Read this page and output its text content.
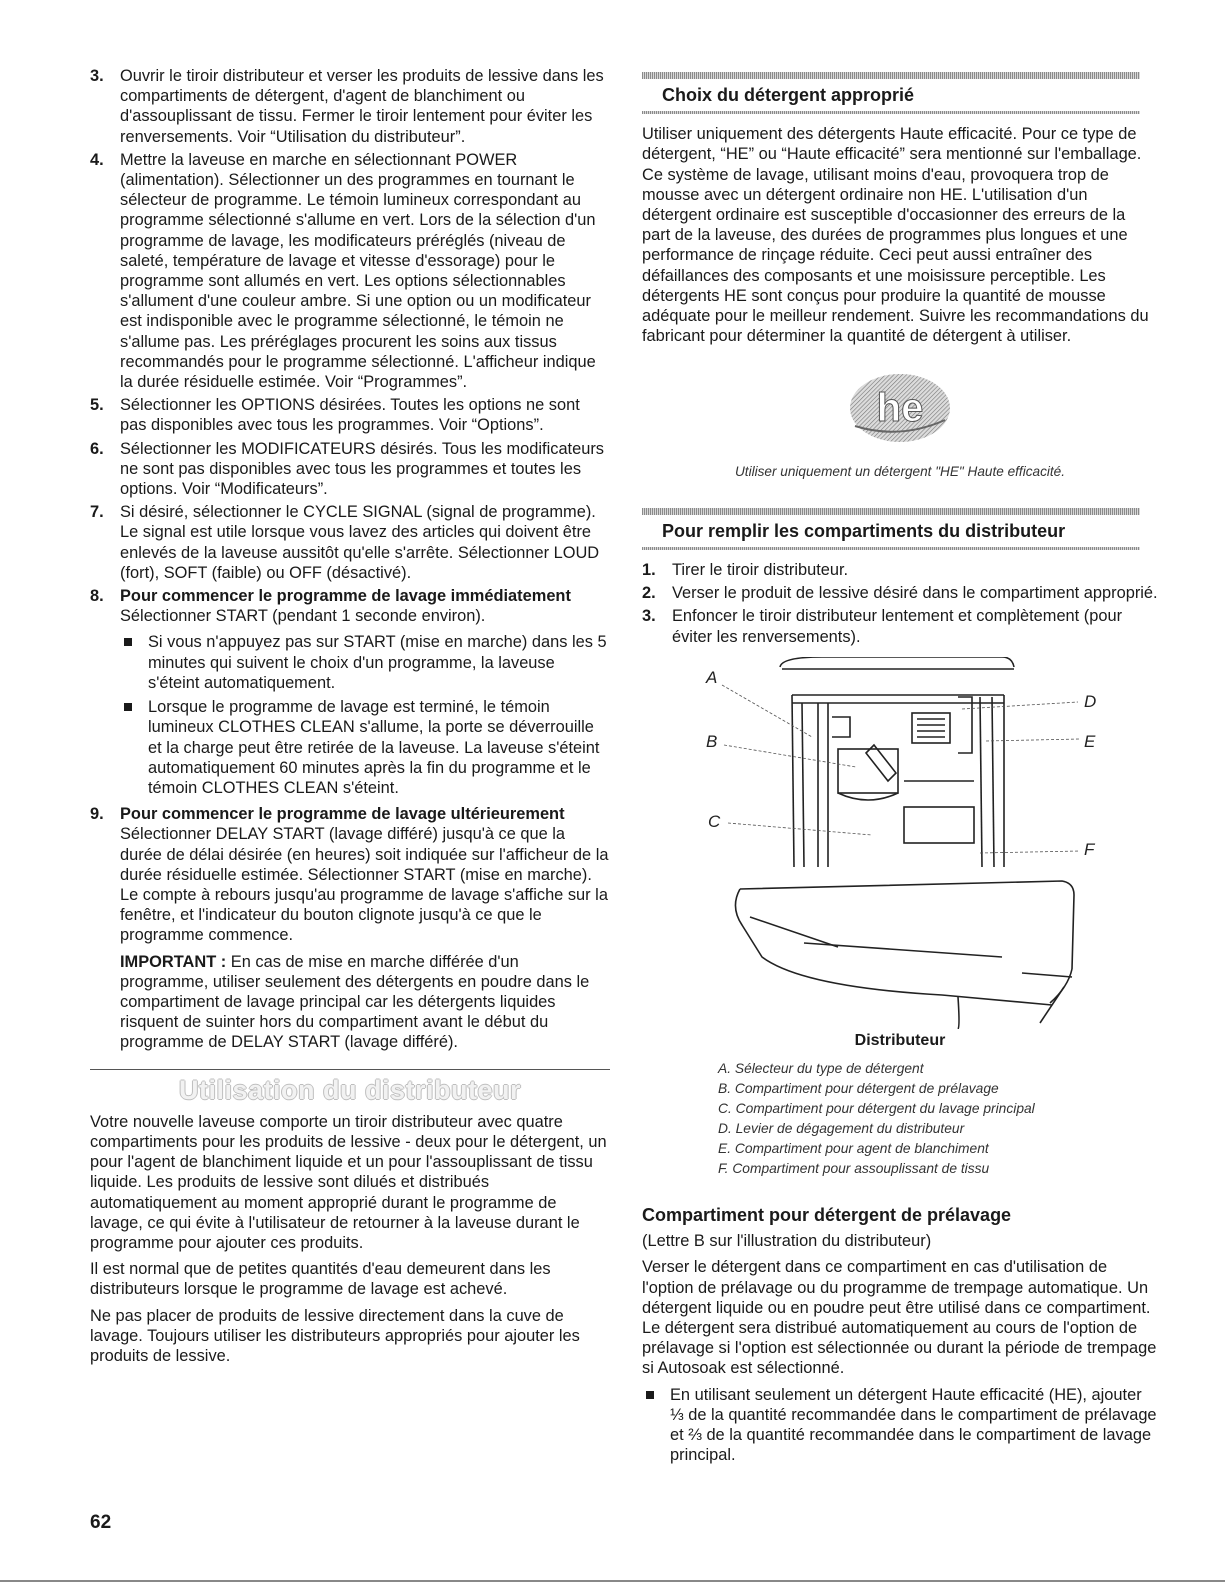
3. Ouvrir le tiroir distributeur et verser les produits de lessive dans les compartiments de détergent, d'agent de blanchiment ou d'assouplissant de tissu. Fermer le tiroir lentement pour éviter les renversements. Voir “Utilisation du distributeur”.
4. Mettre la laveuse en marche en sélectionnant POWER (alimentation). Sélectionner un des programmes en tournant le sélecteur de programme. Le témoin lumineux correspondant au programme sélectionné s'allume en vert. Lors de la sélection d'un programme de lavage, les modificateurs préréglés (niveau de saleté, température de lavage et vitesse d'essorage) pour le programme sont allumés en vert. Les options sélectionnables s'allument d'une couleur ambre. Si une option ou un modificateur est indisponible avec le programme sélectionné, le témoin ne s'allume pas. Les préréglages procurent les soins aux tissus recommandés pour le programme sélectionné. L'afficheur indique la durée résiduelle estimée. Voir “Programmes”.
5. Sélectionner les OPTIONS désirées. Toutes les options ne sont pas disponibles avec tous les programmes. Voir “Options”.
6. Sélectionner les MODIFICATEURS désirés. Tous les modificateurs ne sont pas disponibles avec tous les programmes et toutes les options. Voir “Modificateurs”.
7. Si désiré, sélectionner le CYCLE SIGNAL (signal de programme). Le signal est utile lorsque vous lavez des articles qui doivent être enlevés de la laveuse aussitôt qu'elle s'arrête. Sélectionner LOUD (fort), SOFT (faible) ou OFF (désactivé).
8. Pour commencer le programme de lavage immédiatement
Sélectionner START (pendant 1 seconde environ).
Si vous n'appuyez pas sur START (mise en marche) dans les 5 minutes qui suivent le choix d'un programme, la laveuse s'éteint automatiquement.
Lorsque le programme de lavage est terminé, le témoin lumineux CLOTHES CLEAN s'allume, la porte se déverrouille et la charge peut être retirée de la laveuse. La laveuse s'éteint automatiquement 60 minutes après la fin du programme et le témoin CLOTHES CLEAN s'éteint.
9. Pour commencer le programme de lavage ultérieurement
Sélectionner DELAY START (lavage différé) jusqu'à ce que la durée de délai désirée (en heures) soit indiquée sur l'afficheur de la durée résiduelle estimée. Sélectionner START (mise en marche). Le compte à rebours jusqu'au programme de lavage s'affiche sur la fenêtre, et l'indicateur du bouton clignote jusqu'à ce que le programme commence.
IMPORTANT : En cas de mise en marche différée d'un programme, utiliser seulement des détergents en poudre dans le compartiment de lavage principal car les détergents liquides risquent de suinter hors du compartiment avant le début du programme de DELAY START (lavage différé).
Utilisation du distributeur

Votre nouvelle laveuse comporte un tiroir distributeur avec quatre compartiments pour les produits de lessive - deux pour le détergent, un pour l'agent de blanchiment liquide et un pour l'assouplissant de tissu liquide. Les produits de lessive sont dilués et distribués automatiquement au moment approprié durant le programme de lavage, ce qui évite à l'utilisateur de retourner à la laveuse durant le programme pour ajouter ces produits.

Il est normal que de petites quantités d'eau demeurent dans les distributeurs lorsque le programme de lavage est achevé.

Ne pas placer de produits de lessive directement dans la cuve de lavage. Toujours utiliser les distributeurs appropriés pour ajouter les produits de lessive.

Choix du détergent approprié

Utiliser uniquement des détergents Haute efficacité. Pour ce type de détergent, “HE” ou “Haute efficacité” sera mentionné sur l'emballage. Ce système de lavage, utilisant moins d'eau, provoquera trop de mousse avec un détergent ordinaire non HE. L'utilisation d'un détergent ordinaire est susceptible d'occasionner des erreurs de la part de la laveuse, des durées de programmes plus longues et une performance de rinçage réduite. Ceci peut aussi entraîner des défaillances des composants et une moisissure perceptible. Les détergents HE sont conçus pour produire la quantité de mousse adéquate pour le meilleur rendement. Suivre les recommandations du fabricant pour déterminer la quantité de détergent à utiliser.

he
Utiliser uniquement un détergent "HE" Haute efficacité.
Pour remplir les compartiments du distributeur
1. Tirer le tiroir distributeur.
2. Verser le produit de lessive désiré dans le compartiment approprié.
3. Enfoncer le tiroir distributeur lentement et complètement (pour éviter les renversements).
A
B
C
D
E
F
Distributeur
A. Sélecteur du type de détergent
B. Compartiment pour détergent de prélavage
C. Compartiment pour détergent du lavage principal
D. Levier de dégagement du distributeur
E. Compartiment pour agent de blanchiment
F. Compartiment pour assouplissant de tissu
Compartiment pour détergent de prélavage
(Lettre B sur l'illustration du distributeur)

Verser le détergent dans ce compartiment en cas d'utilisation de l'option de prélavage ou du programme de trempage automatique. Un détergent liquide ou en poudre peut être utilisé dans ce compartiment. Le détergent sera distribué automatiquement au cours de l'option de prélavage si l'option est sélectionnée ou durant la période de trempage si Autosoak est sélectionné.

En utilisant seulement un détergent Haute efficacité (HE), ajouter ⅓ de la quantité recommandée dans le compartiment de prélavage et ⅔ de la quantité recommandée dans le compartiment de lavage principal.
62
